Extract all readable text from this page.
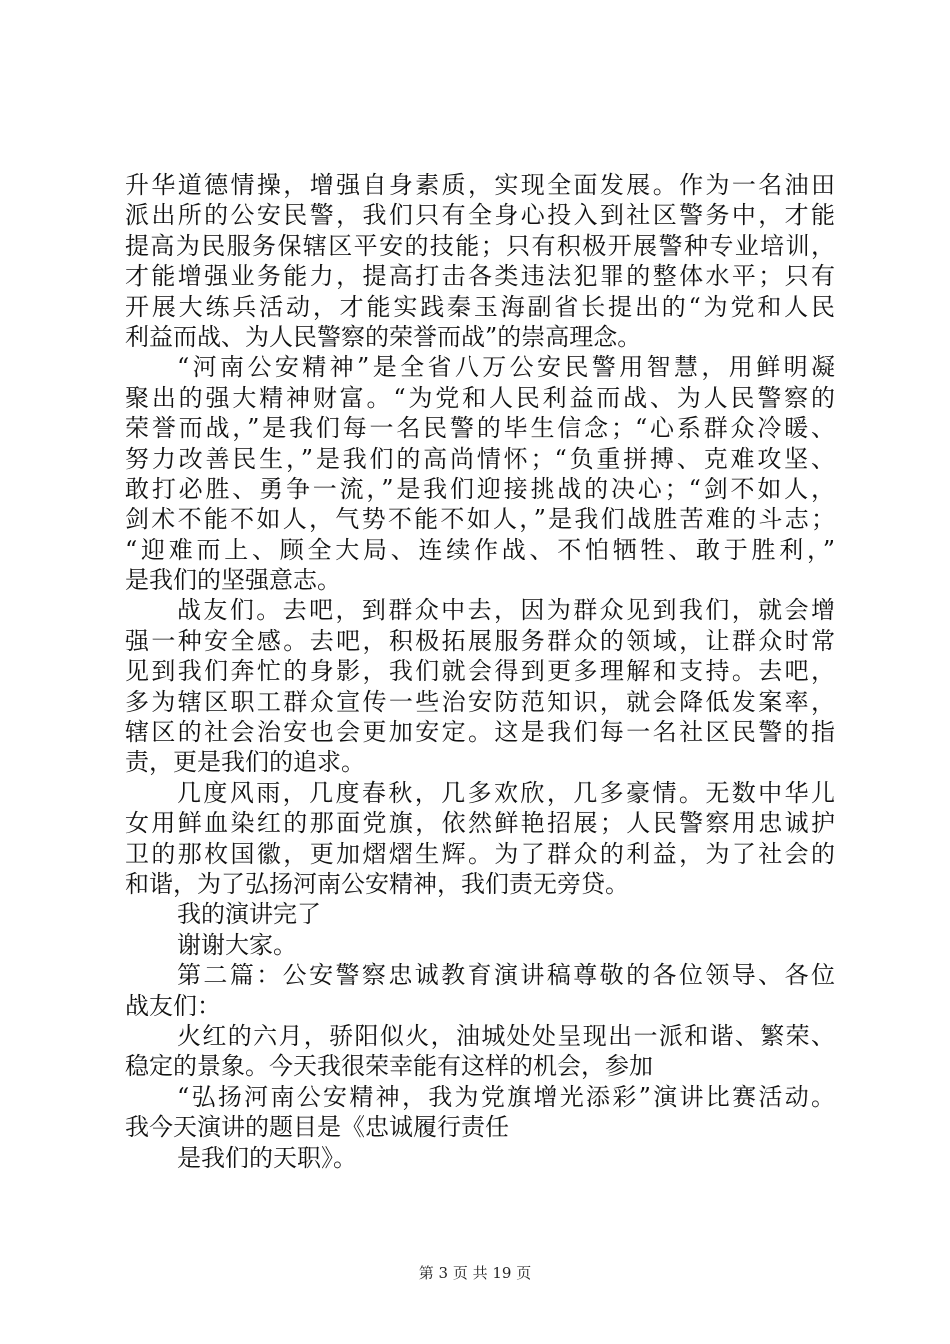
升华道德情操，增强自身素质，实现全面发展。作为一名油田
派出所的公安民警，我们只有全身心投入到社区警务中，才能
提高为民服务保辖区平安的技能；只有积极开展警种专业培训，
才能增强业务能力，提高打击各类违法犯罪的整体水平；只有
开展大练兵活动，才能实践秦玉海副省长提出的“为党和人民
利益而战、为人民警察的荣誉而战”的崇高理念。
“河南公安精神”是全省八万公安民警用智慧，用鲜明凝
聚出的强大精神财富。“为党和人民利益而战、为人民警察的
荣誉而战，”是我们每一名民警的毕生信念；“心系群众冷暖、
努力改善民生，”是我们的高尚情怀；“负重拼搏、克难攻坚、
敢打必胜、勇争一流，”是我们迎接挑战的决心；“剑不如人，
剑术不能不如人，气势不能不如人，”是我们战胜苦难的斗志；
“迎难而上、顾全大局、连续作战、不怕牺牲、敢于胜利，”
是我们的坚强意志。
战友们。去吧，到群众中去，因为群众见到我们，就会增
强一种安全感。去吧，积极拓展服务群众的领域，让群众时常
见到我们奔忙的身影，我们就会得到更多理解和支持。去吧，
多为辖区职工群众宣传一些治安防范知识，就会降低发案率，
辖区的社会治安也会更加安定。这是我们每一名社区民警的指
责，更是我们的追求。
几度风雨，几度春秋，几多欢欣，几多豪情。无数中华儿
女用鲜血染红的那面党旗，依然鲜艳招展；人民警察用忠诚护
卫的那枚国徽，更加熠熠生辉。为了群众的利益，为了社会的
和谐，为了弘扬河南公安精神，我们责无旁贷。
我的演讲完了
谢谢大家。
第二篇：公安警察忠诚教育演讲稿尊敬的各位领导、各位
战友们：
火红的六月，骄阳似火，油城处处呈现出一派和谐、繁荣、
稳定的景象。今天我很荣幸能有这样的机会，参加
“弘扬河南公安精神，我为党旗增光添彩”演讲比赛活动。
我今天演讲的题目是《忠诚履行责任
是我们的天职》。
第 3 页 共 19 页
